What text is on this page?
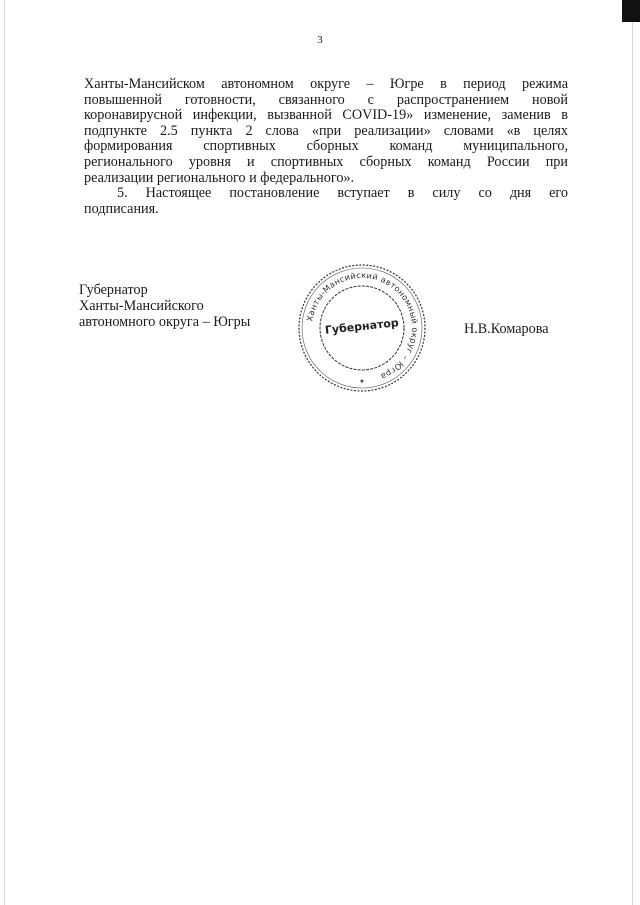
3
Ханты-Мансийском автономном округе – Югре в период режима
повышенной готовности, связанного с распространением новой
коронавирусной инфекции, вызванной COVID-19» изменение, заменив в
подпункте 2.5 пункта 2 слова «при реализации» словами «в целях
формирования спортивных сборных команд муниципального,
регионального уровня и спортивных сборных команд России при
реализации регионального и федерального».
5. Настоящее постановление вступает в силу со дня его
подписания.
Губернатор
Ханты-Мансийского
автономного округа – Югры	Ханты-Мансийский автономный округ – Югра
Губернатор
★
Н.В.Комарова
